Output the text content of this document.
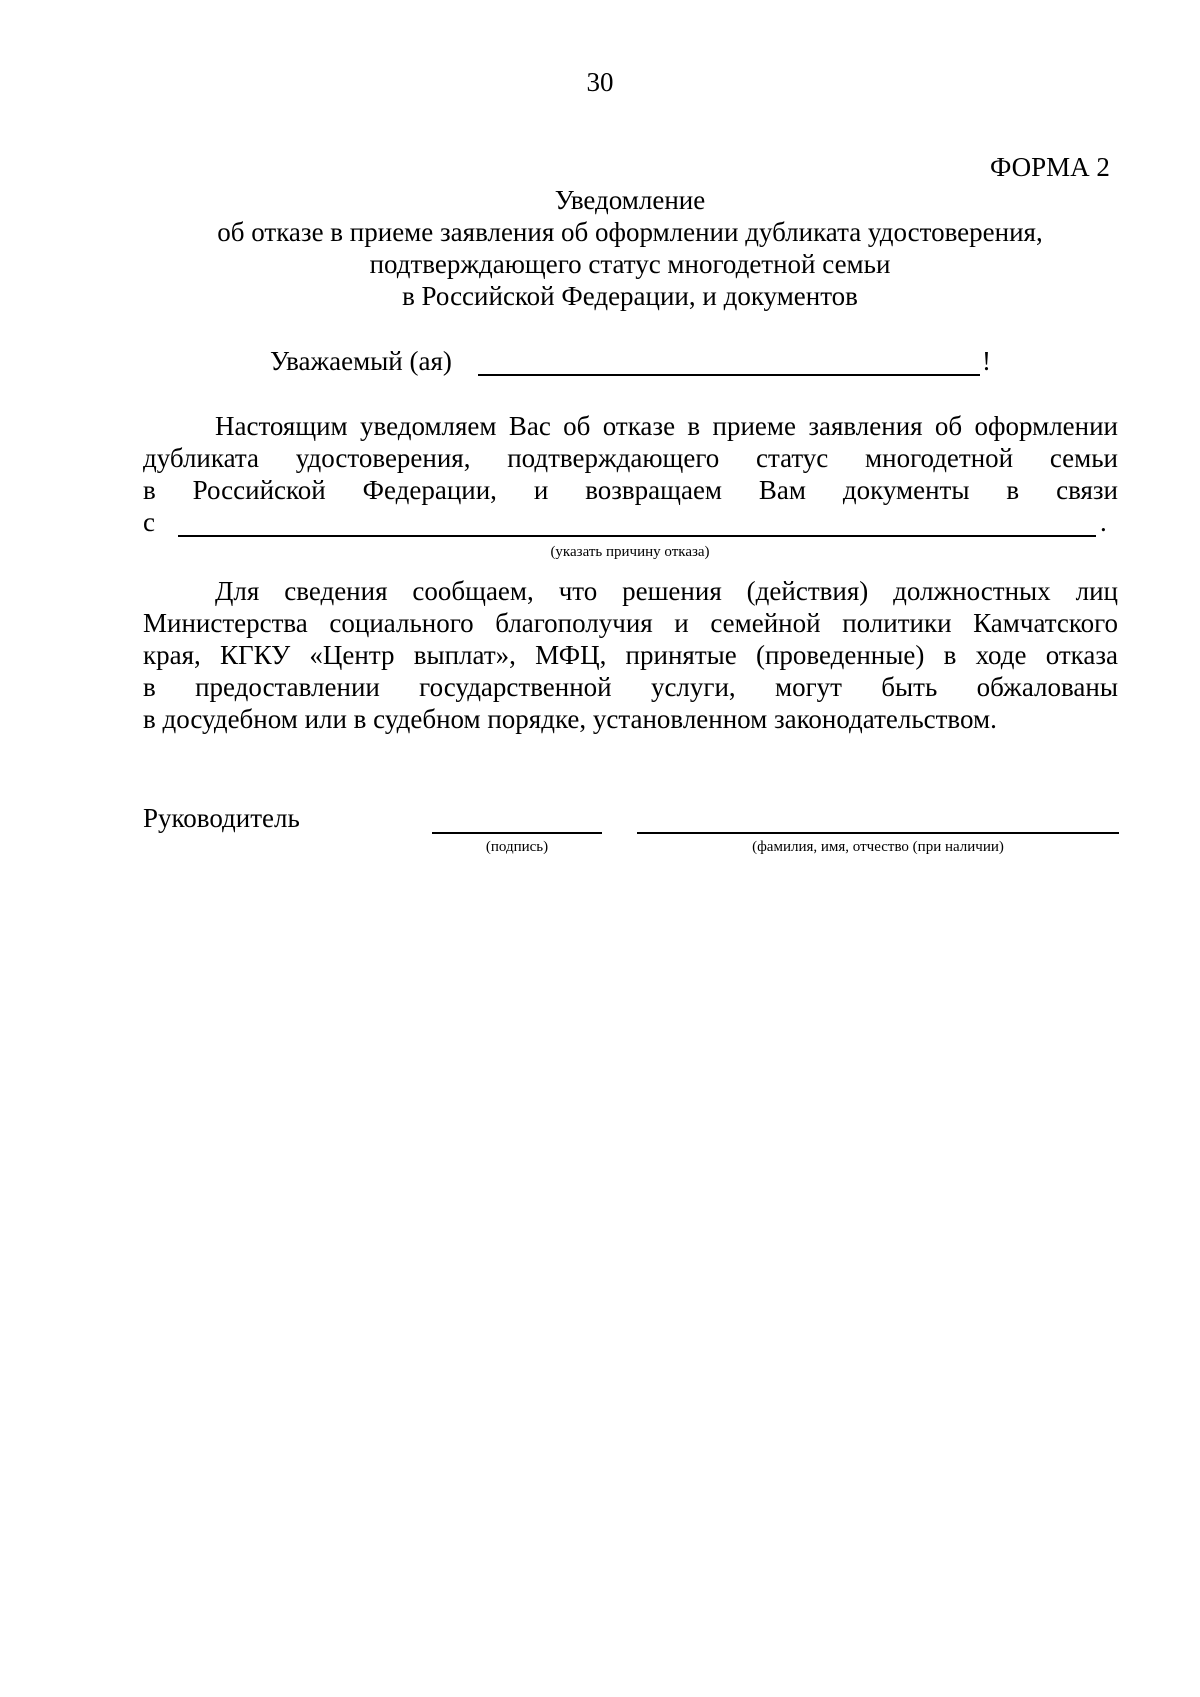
30
ФОРМА 2
Уведомление
об отказе в приеме заявления об оформлении дубликата удостоверения,
подтверждающего статус многодетной семьи
в Российской Федерации, и документов
Уважаемый (ая)	!
Настоящим уведомляем Вас об отказе в приеме заявления об оформлении
дубликата удостоверения, подтверждающего статус многодетной семьи
в Российской Федерации, и возвращаем Вам документы в связи
с	.
(указать причину отказа)
Для сведения сообщаем, что решения (действия) должностных лиц
Министерства социального благополучия и семейной политики Камчатского
края, КГКУ «Центр выплат», МФЦ, принятые (проведенные) в ходе отказа
в предоставлении государственной услуги, могут быть обжалованы
в досудебном или в судебном порядке, установленном законодательством.
Руководитель
(подпись)	(фамилия, имя, отчество (при наличии)
